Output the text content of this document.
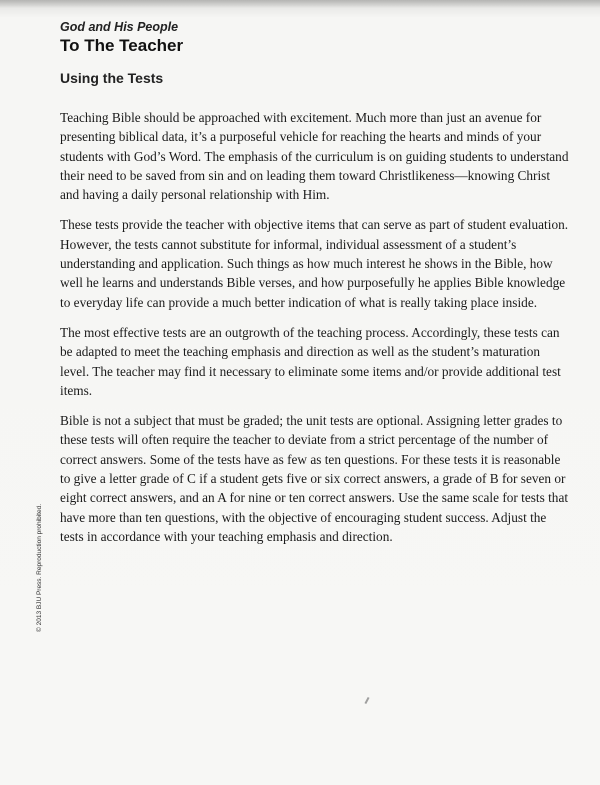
God and His People

To The Teacher
Using the Tests

Teaching Bible should be approached with excitement. Much more than just an avenue for presenting biblical data, it’s a purposeful vehicle for reaching the hearts and minds of your students with God’s Word. The emphasis of the curriculum is on guiding students to understand their need to be saved from sin and on leading them toward Christlikeness—knowing Christ and having a daily personal relationship with Him.

These tests provide the teacher with objective items that can serve as part of student evaluation. However, the tests cannot substitute for informal, individual assessment of a student’s understanding and application. Such things as how much interest he shows in the Bible, how well he learns and understands Bible verses, and how purposefully he applies Bible knowledge to everyday life can provide a much better indication of what is really taking place inside.

The most effective tests are an outgrowth of the teaching process. Accordingly, these tests can be adapted to meet the teaching emphasis and direction as well as the student’s maturation level. The teacher may find it necessary to eliminate some items and/or provide additional test items.

Bible is not a subject that must be graded; the unit tests are optional. Assigning letter grades to these tests will often require the teacher to deviate from a strict percentage of the number of correct answers. Some of the tests have as few as ten questions. For these tests it is reasonable to give a letter grade of C if a student gets five or six correct answers, a grade of B for seven or eight correct answers, and an A for nine or ten correct answers. Use the same scale for tests that have more than ten questions, with the objective of encouraging student success. Adjust the tests in accordance with your teaching emphasis and direction.

© 2013 BJU Press. Reproduction prohibited.
